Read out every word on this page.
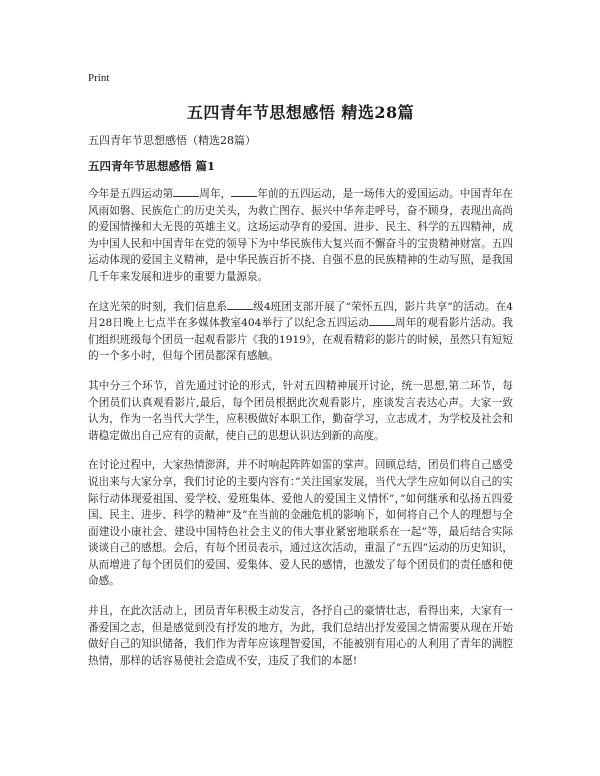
Print
五四青年节思想感悟 精选28篇
五四青年节思想感悟（精选28篇）
五四青年节思想感悟 篇1

今年是五四运动第 周年， 年前的五四运动，是一场伟大的爱国运动。中国青年在风雨如磐、民族危亡的历史关头，为救亡图存、振兴中华奔走呼号，奋不顾身，表现出高尚的爱国情操和大无畏的英雄主义。这场运动孕育的爱国、进步、民主、科学的五四精神，成为中国人民和中国青年在党的领导下为中华民族伟大复兴而不懈奋斗的宝贵精神财富。五四运动体现的爱国主义精神，是中华民族百折不挠、自强不息的民族精神的生动写照，是我国几千年来发展和进步的重要力量源泉。

在这光荣的时刻，我们信息系 级4班团支部开展了“荣怀五四，影片共享”的活动。在4月28日晚上七点半在多媒体教室404举行了以纪念五四运动 周年的观看影片活动。我们组织班级每个团员一起观看影片《我的1919》，在观看精彩的影片的时候，虽然只有短短的一个多小时，但每个团员都深有感触。

其中分三个环节，首先通过讨论的形式，针对五四精神展开讨论，统一思想,第二环节，每个团员们认真观看影片,最后，每个团员根据此次观看影片，座谈发言表达心声。大家一致认为，作为一名当代大学生，应积极做好本职工作，勤奋学习，立志成才，为学校及社会和谐稳定做出自己应有的贡献，使自己的思想认识达到新的高度。

在讨论过程中，大家热情澎湃，并不时响起阵阵如雷的掌声。回顾总结，团员们将自己感受说出来与大家分享，我们讨论的主要内容有：”关注国家发展，当代大学生应如何以自己的实际行动体现爱祖国、爱学校、爱班集体、爱他人的爱国主义情怀”，”如何继承和弘扬五四爱国、民主、进步、科学的精神”及”在当前的金融危机的影响下，如何将自己个人的理想与全面建设小康社会、建设中国特色社会主义的伟大事业紧密地联系在一起”等，最后结合实际谈谈自己的感想。会后，有每个团员表示，通过这次活动，重温了”五四”运动的历史知识，从而增进了每个团员们的爱国、爱集体、爱人民的感情，也激发了每个团员们的责任感和使命感。

并且，在此次活动上，团员青年积极主动发言，各抒自己的豪情壮志，看得出来，大家有一番爱国之志，但是感觉到没有抒发的地方，为此，我们总结出抒发爱国之情需要从现在开始做好自己的知识储备，我们作为青年应该理智爱国，不能被别有用心的人利用了青年的满腔热情，那样的话容易使社会造成不安，违反了我们的本愿!
